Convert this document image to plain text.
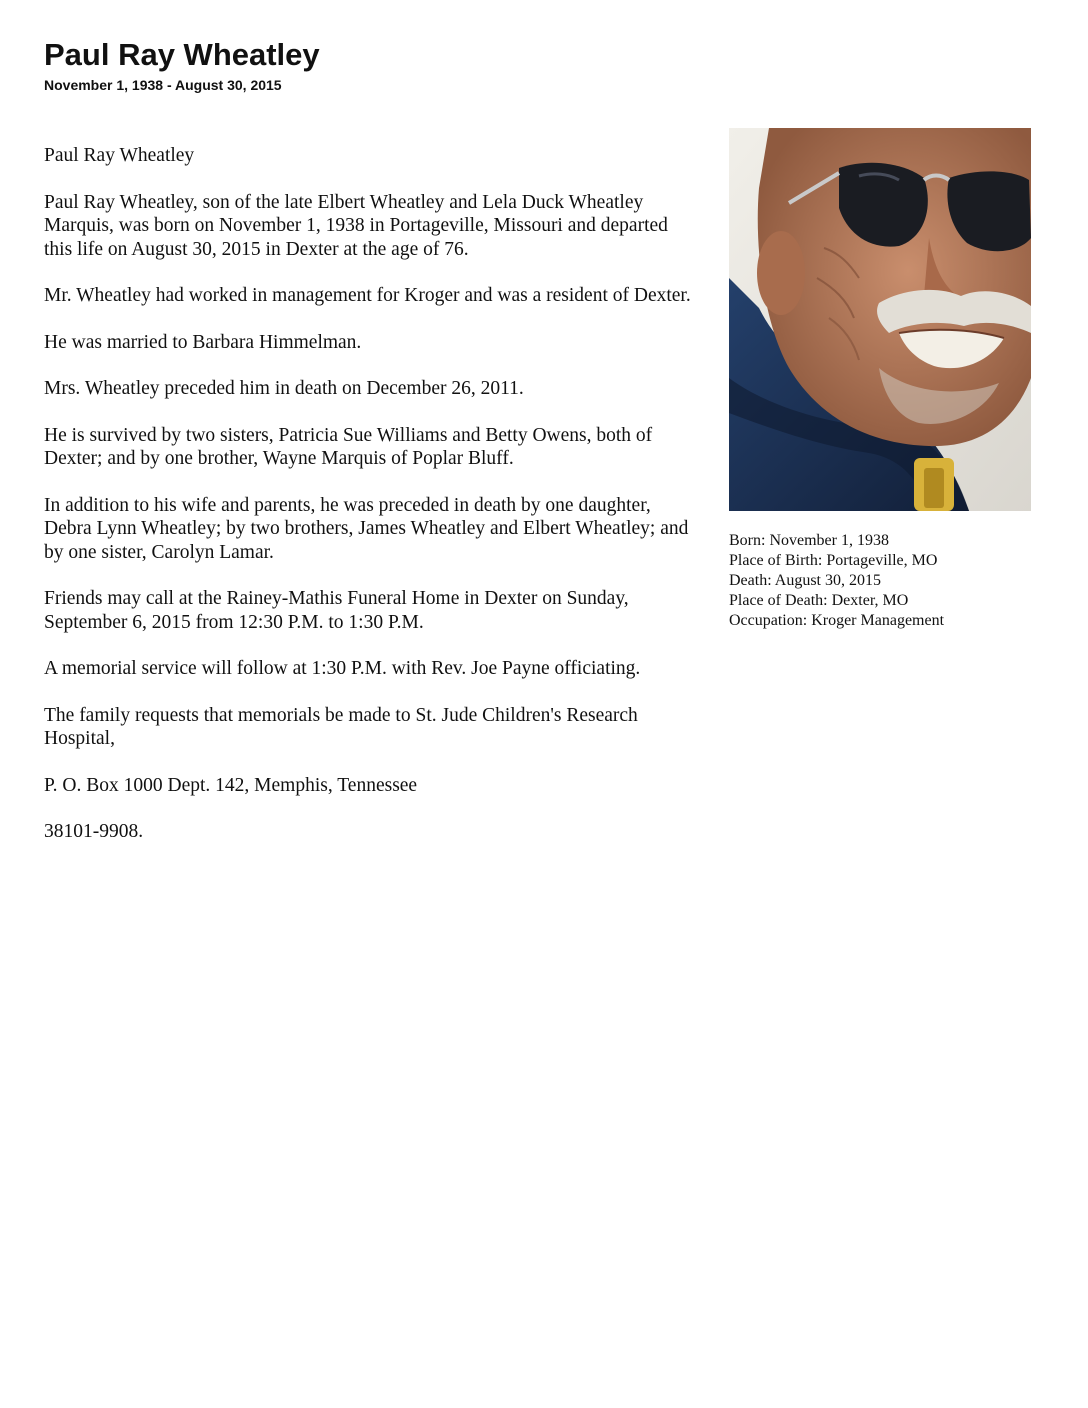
Paul Ray Wheatley
November 1, 1938 - August 30, 2015

Paul Ray Wheatley

Paul Ray Wheatley, son of the late Elbert Wheatley and Lela Duck Wheatley Marquis, was born on November 1, 1938 in Portageville, Missouri and departed this life on August 30, 2015 in Dexter at the age of 76.

Mr. Wheatley had worked in management for Kroger and was a resident of Dexter.

He was married to Barbara Himmelman.

Mrs. Wheatley preceded him in death on December 26, 2011.

He is survived by two sisters, Patricia Sue Williams and Betty Owens, both of Dexter; and by one brother, Wayne Marquis of Poplar Bluff.

In addition to his wife and parents, he was preceded in death by one daughter, Debra Lynn Wheatley; by two brothers, James Wheatley and Elbert Wheatley; and by one sister, Carolyn Lamar.

Friends may call at the Rainey-Mathis Funeral Home in Dexter on Sunday, September 6, 2015 from 12:30 P.M. to 1:30 P.M.

A memorial service will follow at 1:30 P.M. with Rev. Joe Payne officiating.

The family requests that memorials be made to St. Jude Children's Research Hospital,

P. O. Box 1000 Dept. 142, Memphis, Tennessee

38101-9908.

Born: November 1, 1938
Place of Birth: Portageville, MO
Death: August 30, 2015
Place of Death: Dexter, MO
Occupation: Kroger Management
